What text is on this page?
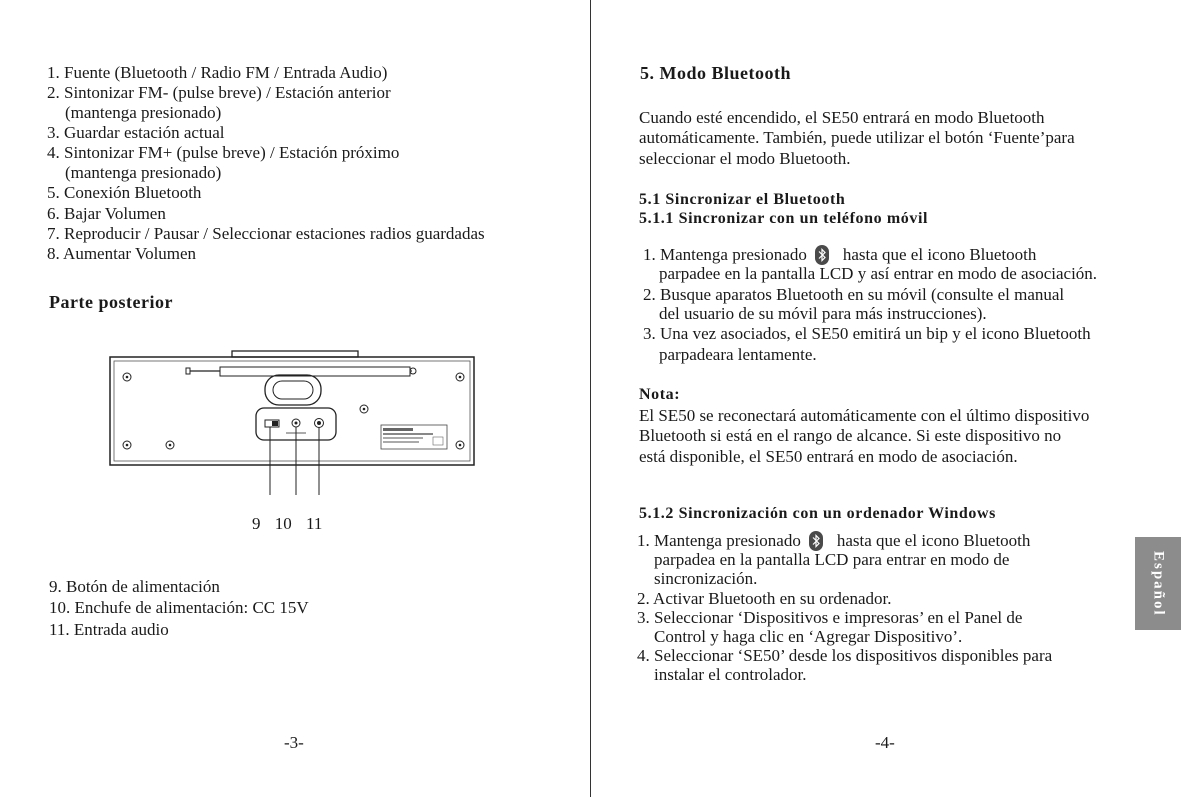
1. Fuente (Bluetooth / Radio FM / Entrada Audio)
2. Sintonizar FM- (pulse breve) / Estación anterior
(mantenga presionado)
3. Guardar estación actual
4. Sintonizar FM+ (pulse breve) / Estación próximo
(mantenga presionado)
5. Conexión Bluetooth
6. Bajar Volumen
7. Reproducir / Pausar / Seleccionar estaciones radios guardadas
8. Aumentar Volumen
Parte posterior
9 10 11
9. Botón de alimentación
10. Enchufe de alimentación: CC 15V
11. Entrada audio
-3-
5. Modo Bluetooth
Cuando esté encendido, el SE50 entrará en modo Bluetooth
automáticamente. También, puede utilizar el botón ‘Fuente’para
seleccionar el modo Bluetooth.
5.1 Sincronizar el Bluetooth
5.1.1 Sincronizar con un teléfono móvil
1. Mantenga presionado hasta que el icono Bluetooth
parpadee en la pantalla LCD y así entrar en modo de asociación.
2. Busque aparatos Bluetooth en su móvil (consulte el manual
del usuario de su móvil para más instrucciones).
3. Una vez asociados, el SE50 emitirá un bip y el icono Bluetooth
parpadeara lentamente.
Nota:
El SE50 se reconectará automáticamente con el último dispositivo
Bluetooth si está en el rango de alcance. Si este dispositivo no
está disponible, el SE50 entrará en modo de asociación.
5.1.2 Sincronización con un ordenador Windows
1. Mantenga presionado hasta que el icono Bluetooth
parpadea en la pantalla LCD para entrar en modo de
sincronización.
2. Activar Bluetooth en su ordenador.
3. Seleccionar ‘Dispositivos e impresoras’ en el Panel de
Control y haga clic en ‘Agregar Dispositivo’.
4. Seleccionar ‘SE50’ desde los dispositivos disponibles para
instalar el controlador.
-4-
Español
